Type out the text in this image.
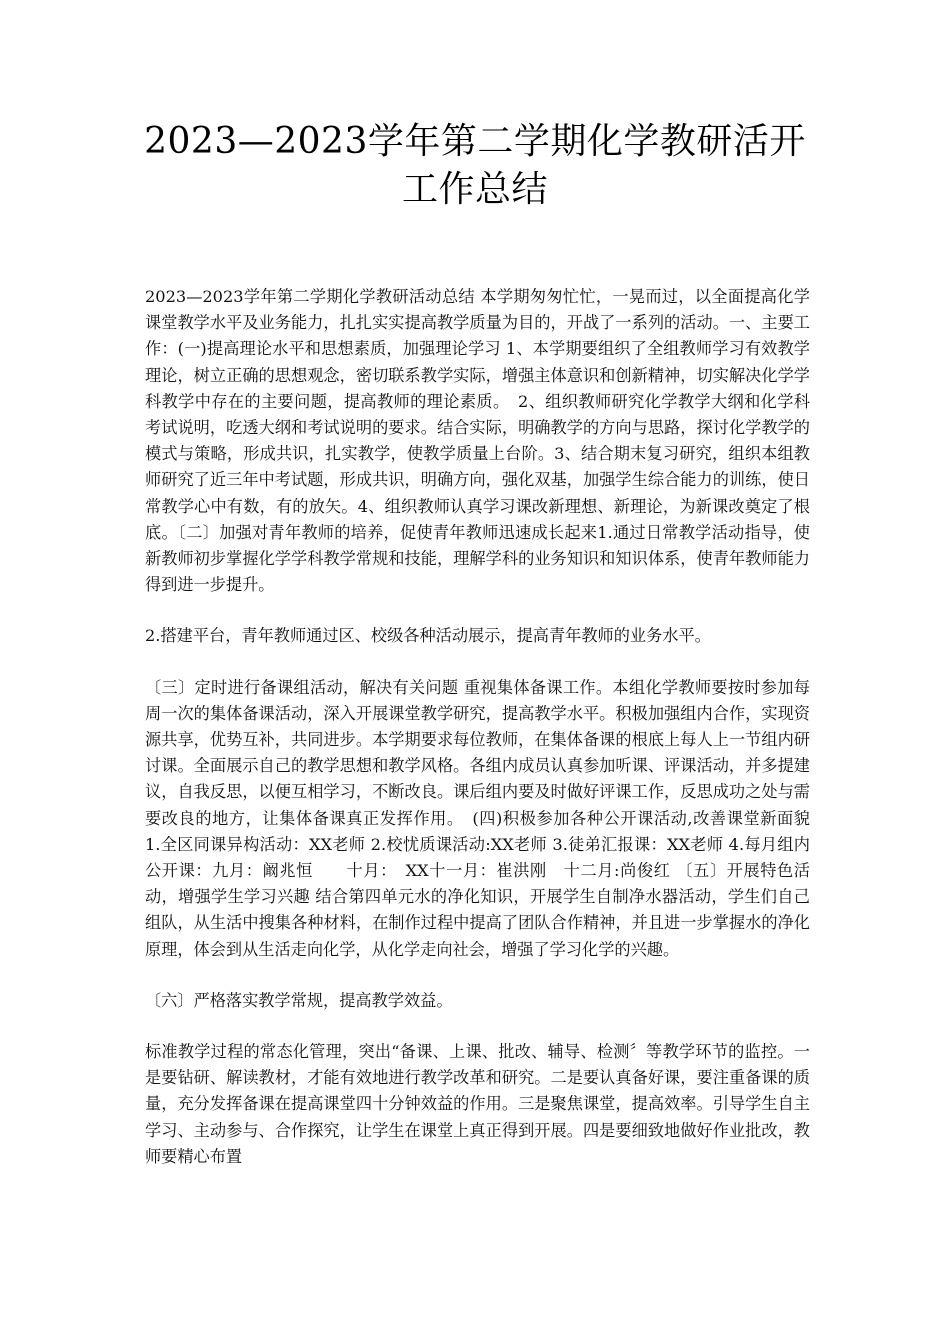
2023—2023学年第二学期化学教研活开
工作总结

2023—2023学年第二学期化学教研活动总结 本学期匆匆忙忙，一晃而过，以全面提高化学课堂教学水平及业务能力，扎扎实实提高教学质量为目的，开战了一系列的活动。一、主要工作：(一)提高理论水平和思想素质，加强理论学习 1、本学期要组织了全组教师学习有效教学理论，树立正确的思想观念，密切联系教学实际，增强主体意识和创新精神，切实解决化学学科教学中存在的主要问题，提高教师的理论素质。　2、组织教师研究化学教学大纲和化学科考试说明，吃透大纲和考试说明的要求。结合实际，明确教学的方向与思路，探讨化学教学的模式与策略，形成共识，扎实教学，使教学质量上台阶。3、结合期末复习研究，组织本组教师研究了近三年中考试题，形成共识，明确方向，强化双基，加强学生综合能力的训练，使日常教学心中有数，有的放矢。4、组织教师认真学习课改新理想、新理论，为新课改奠定了根底。〔二〕加强对青年教师的培养，促使青年教师迅速成长起来1.通过日常教学活动指导，使新教师初步掌握化学学科教学常规和技能，理解学科的业务知识和知识体系，使青年教师能力得到进一步提升。

2.搭建平台，青年教师通过区、校级各种活动展示，提高青年教师的业务水平。

〔三〕定时进行备课组活动，解决有关问题 重视集体备课工作。本组化学教师要按时参加每周一次的集体备课活动，深入开展课堂教学研究，提高教学水平。积极加强组内合作，实现资源共享，优势互补，共同进步。本学期要求每位教师，在集体备课的根底上每人上一节组内研讨课。全面展示自己的教学思想和教学风格。各组内成员认真参加听课、评课活动，并多提建议，自我反思，以便互相学习，不断改良。课后组内要及时做好评课工作，反思成功之处与需要改良的地方，让集体备课真正发挥作用。　(四)积极参加各种公开课活动,改善课堂新面貌　　1.全区同课异构活动：XX老师 2.校忧质课活动:XX老师 3.徒弟汇报课：XX老师 4.每月组内公开课：九月：阚兆恒　　十月：　XX十一月：崔洪刚　十二月:尚俊红 〔五〕开展特色活动，增强学生学习兴趣 结合第四单元水的净化知识，开展学生自制净水器活动，学生们自己组队，从生活中搜集各种材料，在制作过程中提高了团队合作精神，并且进一步掌握水的净化原理，体会到从生活走向化学，从化学走向社会，增强了学习化学的兴趣。

〔六〕严格落实教学常规，提高教学效益。

标准教学过程的常态化管理，突出“备课、上课、批改、辅导、检测〞等教学环节的监控。一是要钻研、解读教材，才能有效地进行教学改革和研究。二是要认真备好课，要注重备课的质量，充分发挥备课在提高课堂四十分钟效益的作用。三是聚焦课堂，提高效率。引导学生自主学习、主动参与、合作探究，让学生在课堂上真正得到开展。四是要细致地做好作业批改，教师要精心布置
